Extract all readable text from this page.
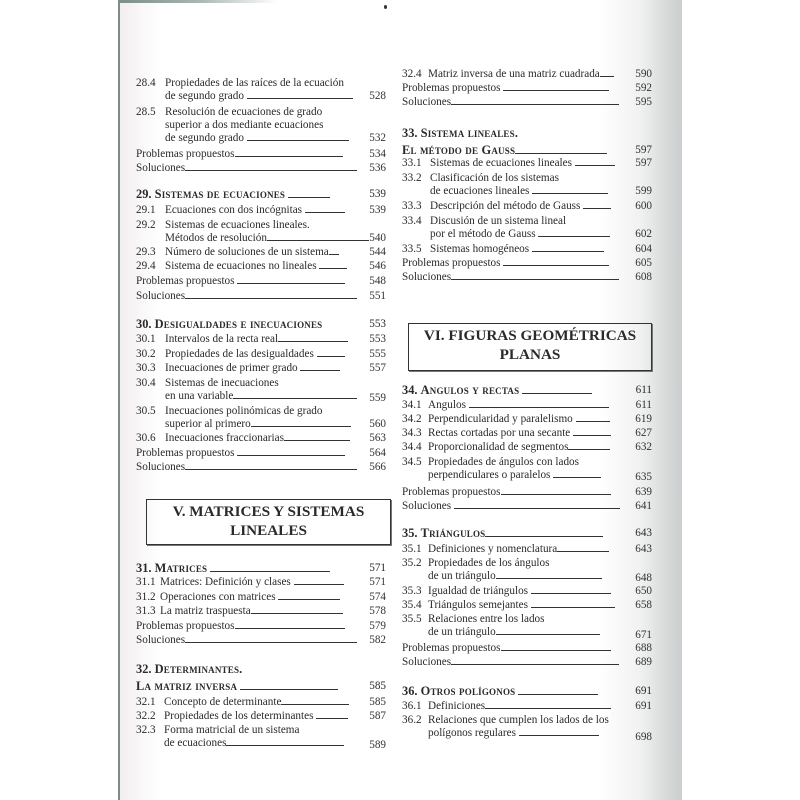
28.4 Propiedades de las raíces de la ecuación
de segundo grado	528
28.5 Resolución de ecuaciones de grado
superior a dos mediante ecuaciones
de segundo grado	532
Problemas propuestos	534
Soluciones	536
29. Sistemas de ecuaciones	539
29.1 Ecuaciones con dos incógnitas	539
29.2 Sistemas de ecuaciones lineales.
Métodos de resolución	540
29.3 Número de soluciones de un sistema	544
29.4 Sistema de ecuaciones no lineales	546
Problemas propuestos	548
Soluciones	551
30. Desigualdades e inecuaciones	553
30.1 Intervalos de la recta real	553
30.2 Propiedades de las desigualdades	555
30.3 Inecuaciones de primer grado	557
30.4 Sistemas de inecuaciones
en una variable	559
30.5 Inecuaciones polinómicas de grado
superior al primero	560
30.6 Inecuaciones fraccionarias	563
Problemas propuestos	564
Soluciones	566
V. MATRICES Y SISTEMAS
LINEALES
31. Matrices	571
31.1 Matrices: Definición y clases	571
31.2 Operaciones con matrices	574
31.3 La matriz traspuesta	578
Problemas propuestos	579
Soluciones	582
32. Determinantes.
La matriz inversa	585
32.1 Concepto de determinante	585
32.2 Propiedades de los determinantes	587
32.3 Forma matricial de un sistema
de ecuaciones	589
32.4 Matriz inversa de una matriz cuadrada	590
Problemas propuestos	592
Soluciones	595
33. Sistema lineales.
El método de Gauss	597
33.1 Sistemas de ecuaciones lineales	597
33.2 Clasificación de los sistemas
de ecuaciones lineales	599
33.3 Descripción del método de Gauss	600
33.4 Discusión de un sistema lineal
por el método de Gauss	602
33.5 Sistemas homogéneos	604
Problemas propuestos	605
Soluciones	608
VI. FIGURAS GEOMÉTRICAS
PLANAS
34. Angulos y rectas	611
34.1 Angulos	611
34.2 Perpendicularidad y paralelismo	619
34.3 Rectas cortadas por una secante	627
34.4 Proporcionalidad de segmentos	632
34.5 Propiedades de ángulos con lados
perpendiculares o paralelos	635
Problemas propuestos	639
Soluciones	641
35. Triángulos	643
35.1 Definiciones y nomenclatura	643
35.2 Propiedades de los ángulos
de un triángulo	648
35.3 Igualdad de triángulos	650
35.4 Triángulos semejantes	658
35.5 Relaciones entre los lados
de un triángulo	671
Problemas propuestos	688
Soluciones	689
36. Otros polígonos	691
36.1 Definiciones	691
36.2 Relaciones que cumplen los lados de los
polígonos regulares	698
